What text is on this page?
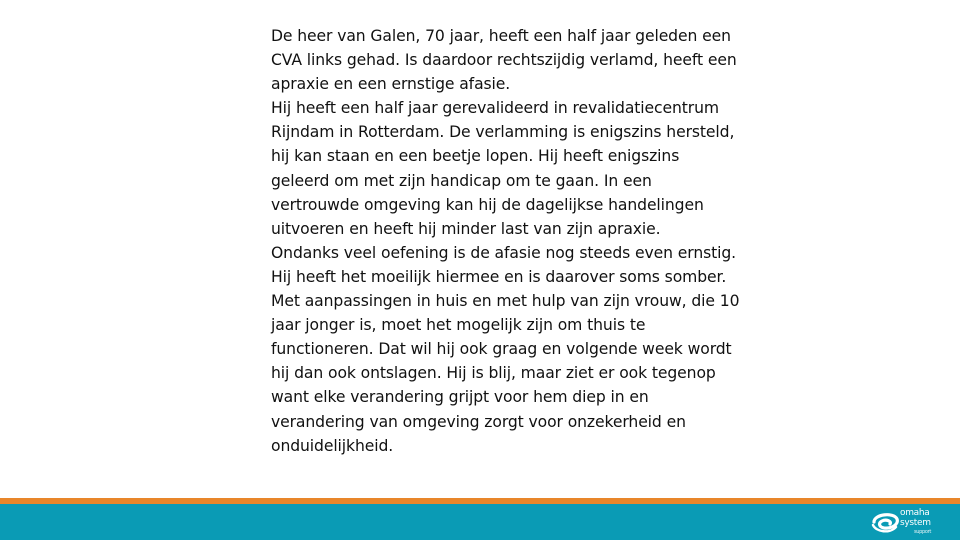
De heer van Galen, 70 jaar, heeft een half jaar geleden een CVA links gehad. Is daardoor rechtszijdig verlamd, heeft een apraxie en een ernstige afasie.

Hij heeft een half jaar gerevalideerd in revalidatiecentrum Rijndam in Rotterdam. De verlamming is enigszins hersteld, hij kan staan en een beetje lopen. Hij heeft enigszins geleerd om met zijn handicap om te gaan. In een vertrouwde omgeving kan hij de dagelijkse handelingen uitvoeren en heeft hij minder last van zijn apraxie.

Ondanks veel oefening is de afasie nog steeds even ernstig. Hij heeft het moeilijk hiermee en is daarover soms somber. Met aanpassingen in huis en met hulp van zijn vrouw, die 10 jaar jonger is, moet het mogelijk zijn om thuis te functioneren. Dat wil hij ook graag en volgende week wordt hij dan ook ontslagen. Hij is blij, maar ziet er ook tegenop want elke verandering grijpt voor hem diep in en verandering van omgeving zorgt voor onzekerheid en onduidelijkheid.

omaha
system
support
